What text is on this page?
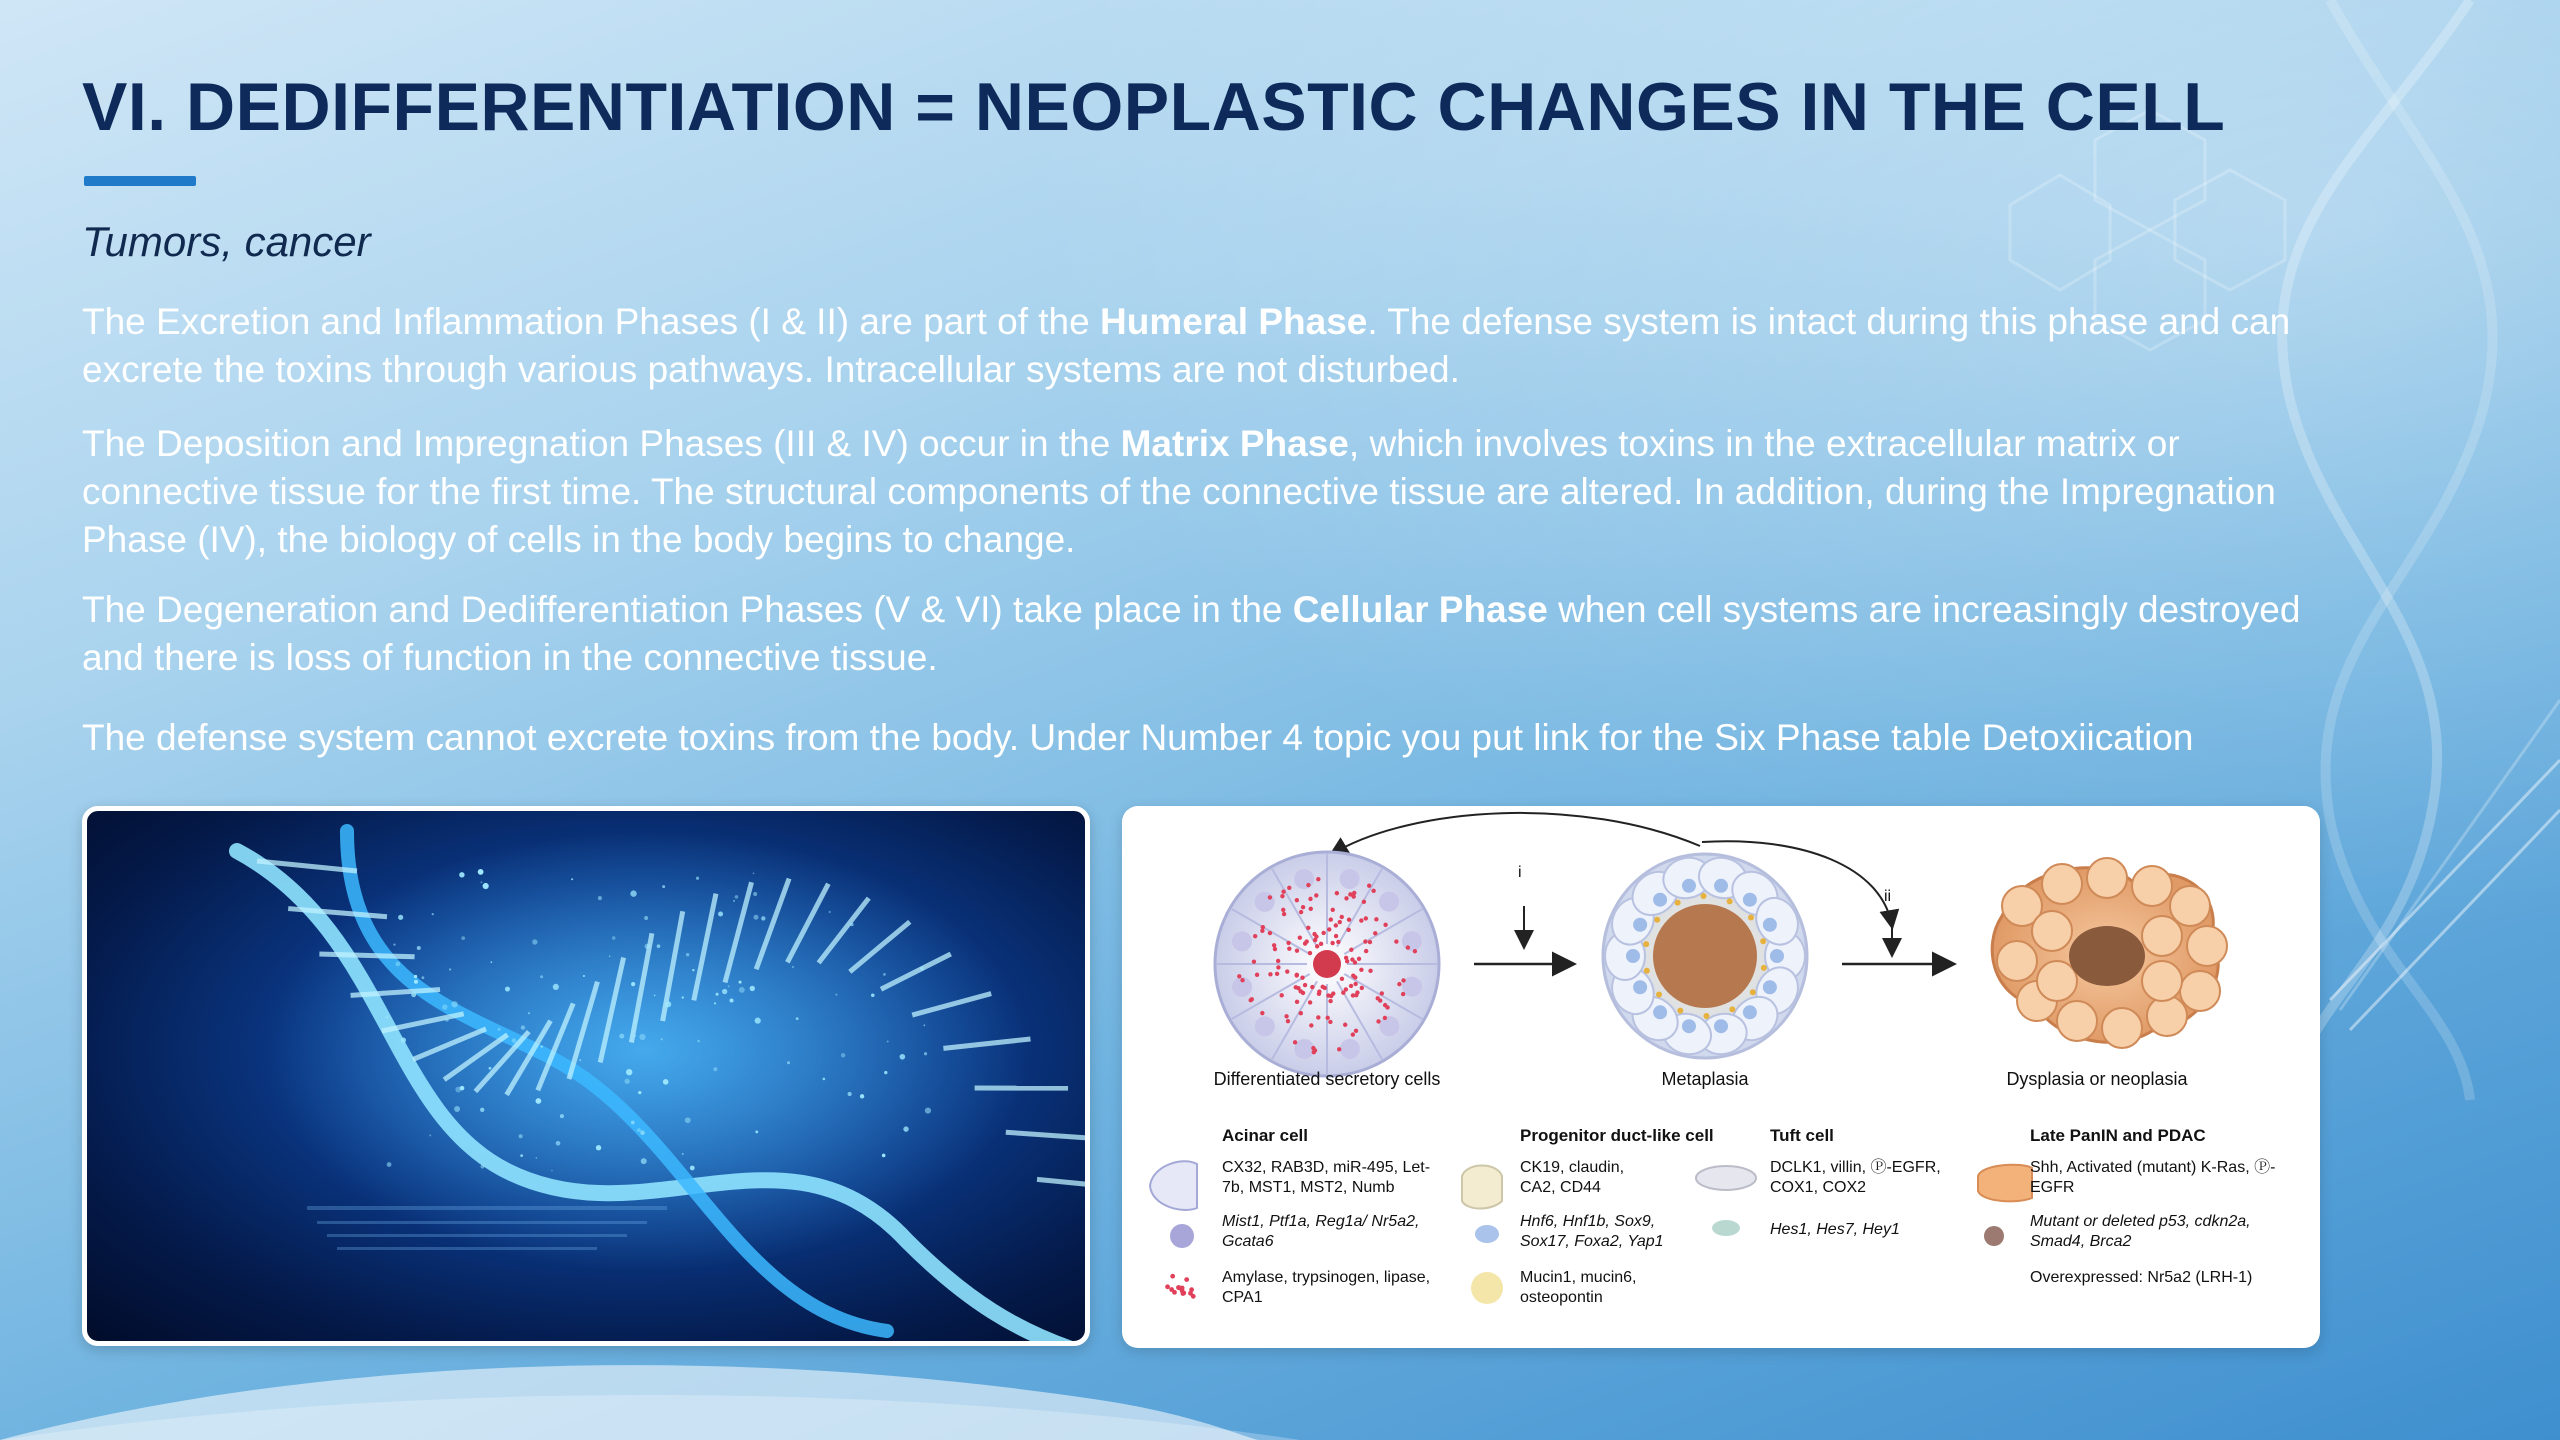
VI. DEDIFFERENTIATION = NEOPLASTIC CHANGES IN THE CELL
Tumors, cancer

The Excretion and Inflammation Phases (I & II) are part of the Humeral Phase. The defense system is intact during this phase and can excrete the toxins through various pathways. Intracellular systems are not disturbed.

The Deposition and Impregnation Phases (III & IV) occur in the Matrix Phase, which involves toxins in the extracellular matrix or connective tissue for the first time. The structural components of the connective tissue are altered. In addition, during the Impregnation Phase (IV), the biology of cells in the body begins to change.

The Degeneration and Dedifferentiation Phases (V & VI) take place in the Cellular Phase when cell systems are increasingly destroyed and there is loss of function in the connective tissue.

The defense system cannot excrete toxins from the body. Under Number 4 topic you put link for the Six Phase table Detoxiication

Differentiated secretory cells	Metaplasia	Dysplasia or neoplasia
i
ii
Acinar cell
CX32, RAB3D, miR-495, Let-7b, MST1, MST2, Numb
Mist1, Ptf1a, Reg1a/ Nr5a2, Gcata6
Amylase, trypsinogen, lipase, CPA1
Progenitor duct-like cell
CK19, claudin, CA2, CD44
Hnf6, Hnf1b, Sox9, Sox17, Foxa2, Yap1
Mucin1, mucin6, osteopontin
Tuft cell
DCLK1, villin, Ⓟ-EGFR, COX1, COX2
Hes1, Hes7, Hey1
Late PanIN and PDAC
Shh, Activated (mutant) K-Ras, Ⓟ-EGFR
Mutant or deleted p53, cdkn2a, Smad4, Brca2
Overexpressed: Nr5a2 (LRH-1)
